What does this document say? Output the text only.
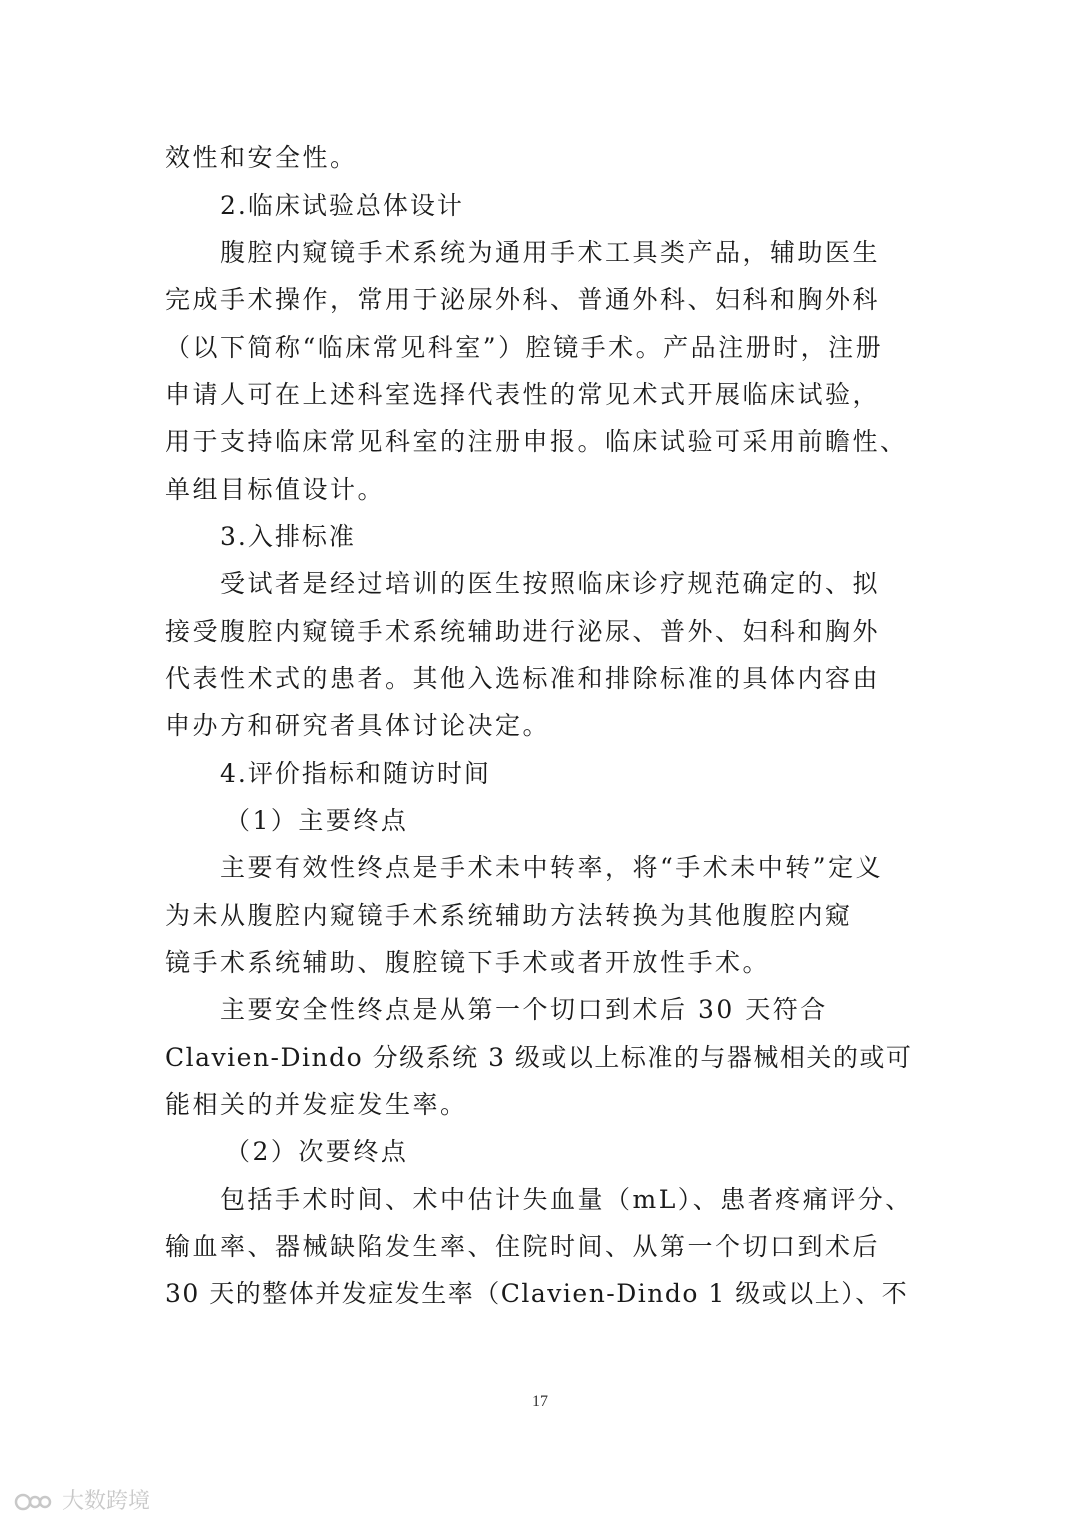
效性和安全性。
2.临床试验总体设计
腹腔内窥镜手术系统为通用手术工具类产品，辅助医生
完成手术操作，常用于泌尿外科、普通外科、妇科和胸外科
（以下简称“临床常见科室”）腔镜手术。产品注册时，注册
申请人可在上述科室选择代表性的常见术式开展临床试验，
用于支持临床常见科室的注册申报。临床试验可采用前瞻性、
单组目标值设计。
3.入排标准
受试者是经过培训的医生按照临床诊疗规范确定的、拟
接受腹腔内窥镜手术系统辅助进行泌尿、普外、妇科和胸外
代表性术式的患者。其他入选标准和排除标准的具体内容由
申办方和研究者具体讨论决定。
4.评价指标和随访时间
（1）主要终点
主要有效性终点是手术未中转率，将“手术未中转”定义
为未从腹腔内窥镜手术系统辅助方法转换为其他腹腔内窥
镜手术系统辅助、腹腔镜下手术或者开放性手术。
主要安全性终点是从第一个切口到术后 30 天符合
Clavien-Dindo 分级系统 3 级或以上标准的与器械相关的或可
能相关的并发症发生率。
（2）次要终点
包括手术时间、术中估计失血量（mL）、患者疼痛评分、
输血率、器械缺陷发生率、住院时间、从第一个切口到术后
30 天的整体并发症发生率（Clavien-Dindo 1 级或以上）、不
17
大数跨境
